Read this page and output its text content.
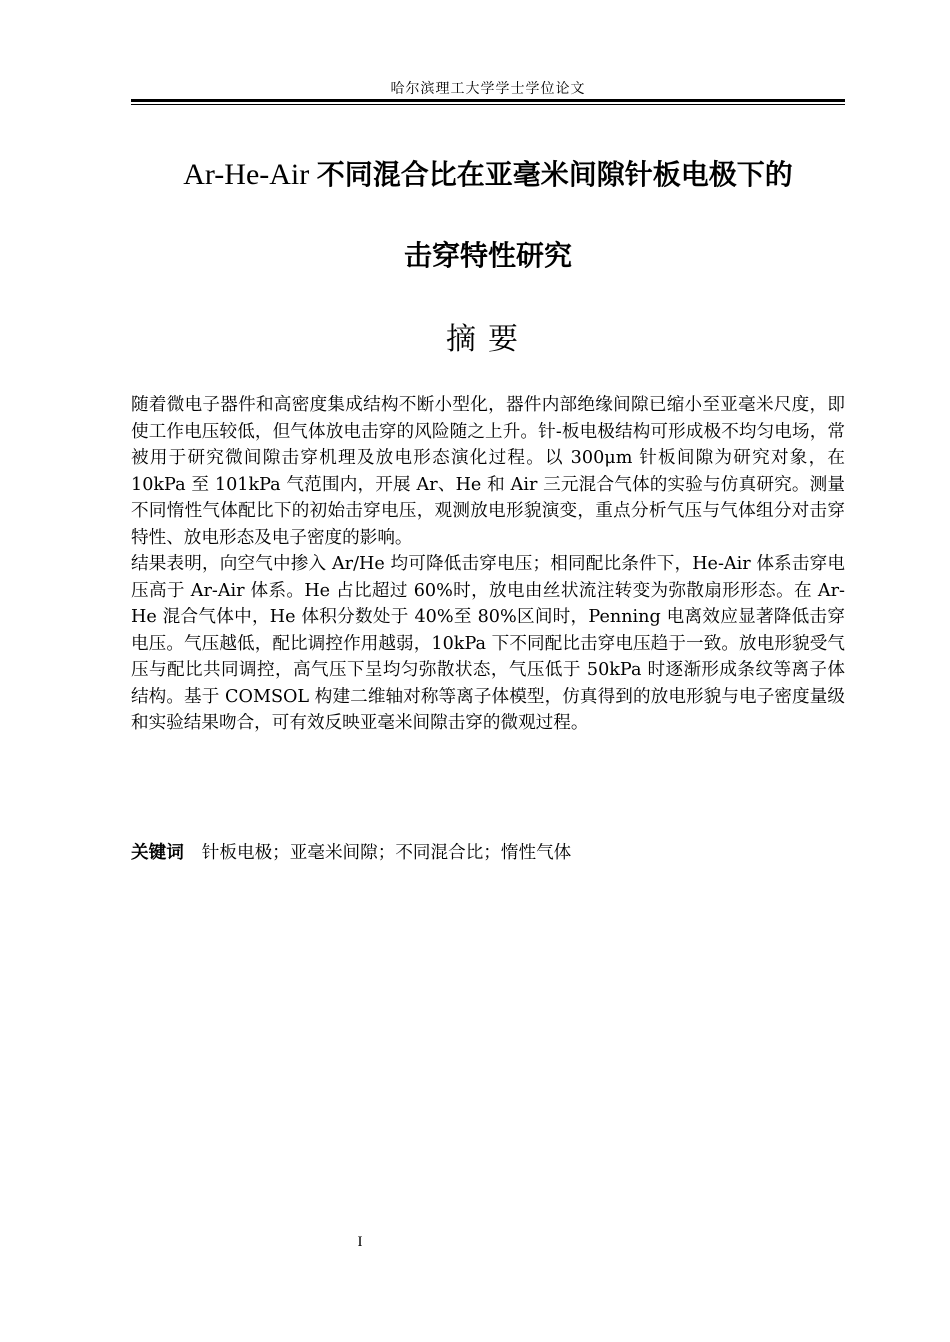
哈尔滨理工大学学士学位论文
Ar-He-Air 不同混合比在亚毫米间隙针板电极下的
击穿特性研究
摘要

随着微电子器件和高密度集成结构不断小型化，器件内部绝缘间隙已缩小至亚毫米尺度，即使工作电压较低，但气体放电击穿的风险随之上升。针-板电极结构可形成极不均匀电场，常被用于研究微间隙击穿机理及放电形态演化过程。以 300μm 针板间隙为研究对象，在 10kPa 至 101kPa 气范围内，开展 Ar、He 和 Air 三元混合气体的实验与仿真研究。测量不同惰性气体配比下的初始击穿电压，观测放电形貌演变，重点分析气压与气体组分对击穿特性、放电形态及电子密度的影响。

结果表明，向空气中掺入 Ar/He 均可降低击穿电压；相同配比条件下，He-Air 体系击穿电压高于 Ar-Air 体系。He 占比超过 60%时，放电由丝状流注转变为弥散扇形形态。在 Ar-He 混合气体中，He 体积分数处于 40%至 80%区间时，Penning 电离效应显著降低击穿电压。气压越低，配比调控作用越弱，10kPa 下不同配比击穿电压趋于一致。放电形貌受气压与配比共同调控，高气压下呈均匀弥散状态，气压低于 50kPa 时逐渐形成条纹等离子体结构。基于 COMSOL 构建二维轴对称等离子体模型，仿真得到的放电形貌与电子密度量级和实验结果吻合，可有效反映亚毫米间隙击穿的微观过程。

关键词 针板电极；亚毫米间隙；不同混合比；惰性气体
I
